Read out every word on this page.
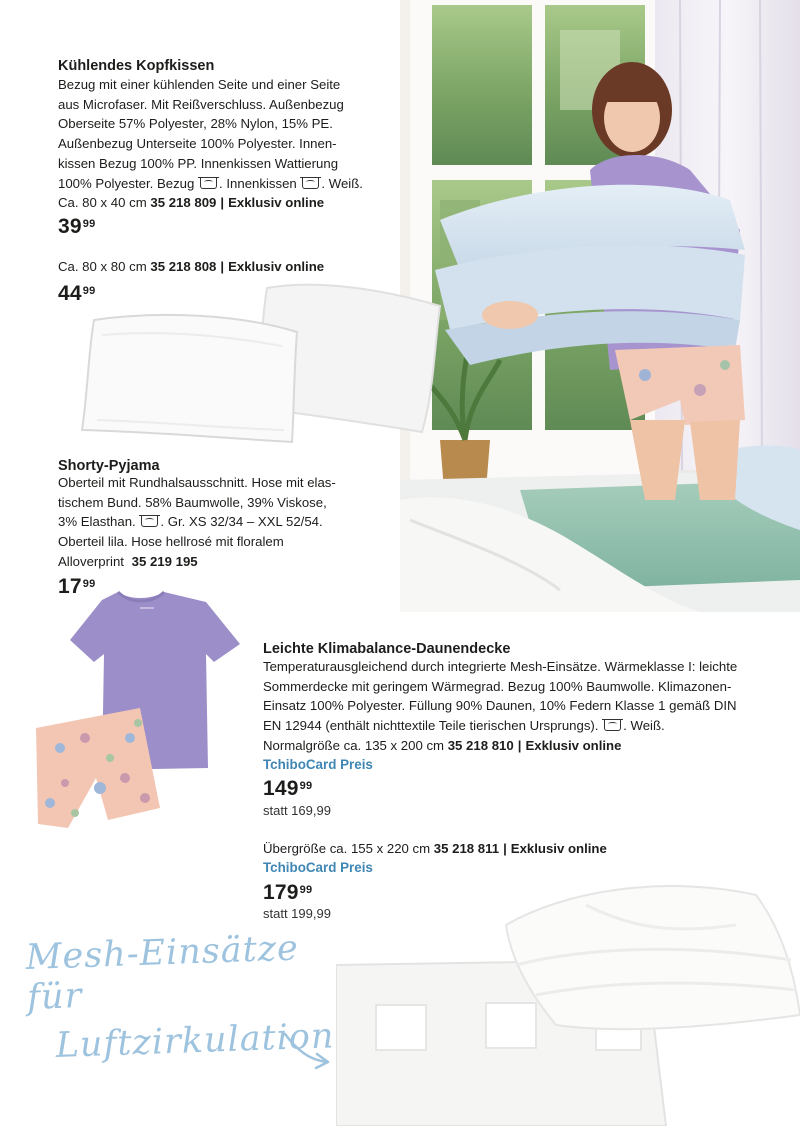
Kühlendes Kopfkissen
Bezug mit einer kühlenden Seite und einer Seite
aus Microfaser. Mit Reißverschluss. Außenbezug
Oberseite 57% Polyester, 28% Nylon, 15% PE.
Außenbezug Unterseite 100% Polyester. Innen-
kissen Bezug 100% PP. Innenkissen Wattierung
100% Polyester. Bezug . Innenkissen . Weiß.
Ca. 80 x 40 cm 35 218 809 | Exklusiv online
$39^{99}$
Ca. 80 x 80 cm 35 218 808 | Exklusiv online
$44^{99}$
Shorty-Pyjama
Oberteil mit Rundhalsausschnitt. Hose mit elas-
tischem Bund. 58% Baumwolle, 39% Viskose,
3% Elasthan. . Gr. XS 32/34 – XXL 52/54.
Oberteil lila. Hose hellrosé mit floralem
Alloverprint 35 219 195
$17^{99}$
Leichte Klimabalance-Daunendecke
Temperaturausgleichend durch integrierte Mesh-Einsätze. Wärmeklasse I: leichte
Sommerdecke mit geringem Wärmegrad. Bezug 100% Baumwolle. Klimazonen-
Einsatz 100% Polyester. Füllung 90% Daunen, 10% Federn Klasse 1 gemäß DIN
EN 12944 (enthält nichttextile Teile tierischen Ursprungs). . Weiß.
Normalgröße ca. 135 x 200 cm 35 218 810 | Exklusiv online
TchiboCard Preis
$149^{99}$
statt 169,99
Übergröße ca. 155 x 220 cm 35 218 811 | Exklusiv online
TchiboCard Preis
$179^{99}$
statt 199,99
Mesh-Einsätze für
Luftzirkulation
